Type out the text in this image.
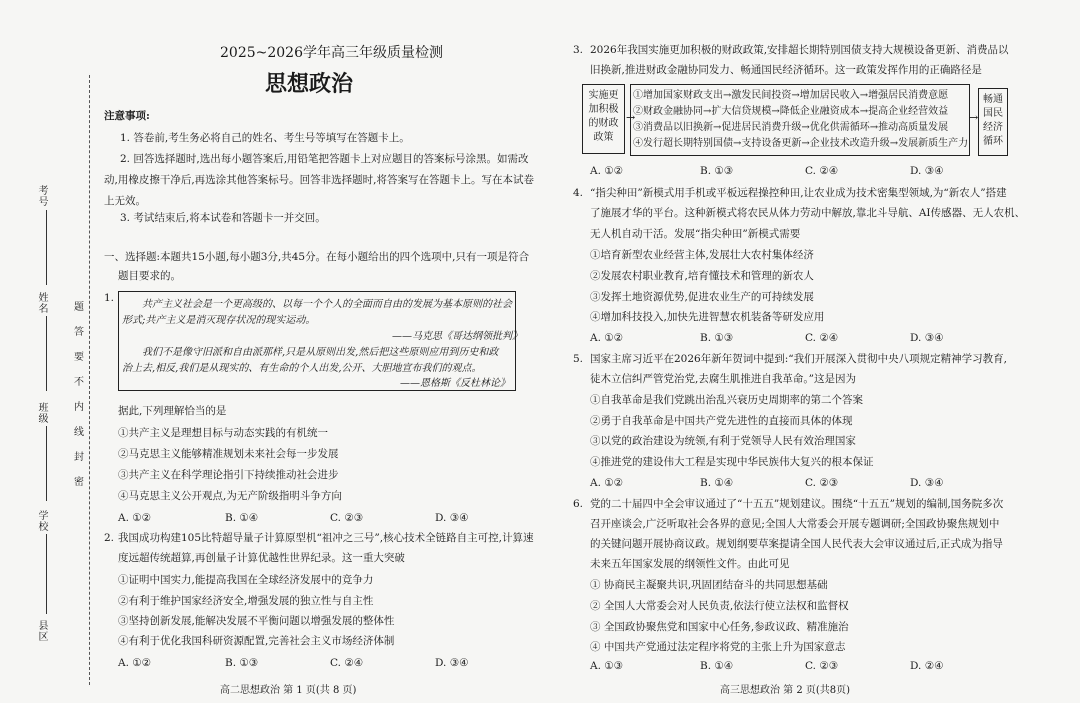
考号
姓名
班级
学校
县区
题
答
要
不
内
线
封
密
2025~2026学年高三年级质量检测
思想政治
注意事项:
1. 答卷前,考生务必将自己的姓名、考生号等填写在答题卡上。
2. 回答选择题时,选出每小题答案后,用铅笔把答题卡上对应题目的答案标号涂黑。如需改
动,用橡皮擦干净后,再选涂其他答案标号。回答非选择题时,将答案写在答题卡上。写在本试卷
上无效。
3. 考试结束后,将本试卷和答题卡一并交回。
一、选择题:本题共15小题,每小题3分,共45分。在每小题给出的四个选项中,只有一项是符合
题目要求的。
1.
共产主义社会是一个更高级的、以每一个个人的全面而自由的发展为基本原则的社会
形式;共产主义是消灭现存状况的现实运动。
——马克思《哥达纲领批判》
我们不是像守旧派和自由派那样,只是从原则出发,然后把这些原则应用到历史和政
治上去,相反,我们是从现实的、有生命的个人出发,公开、大胆地宣布我们的观点。
——恩格斯《反杜林论》
据此,下列理解恰当的是
①共产主义是理想目标与动态实践的有机统一
②马克思主义能够精准规划未来社会每一步发展
③共产主义在科学理论指引下持续推动社会进步
④马克思主义公开观点,为无产阶级指明斗争方向
A. ①②	B. ①④	C. ②③	D. ③④
2. 我国成功构建105比特超导量子计算原型机“祖冲之三号”,核心技术全链路自主可控,计算速
度远超传统超算,再创量子计算优越性世界纪录。这一重大突破
①证明中国实力,能提高我国在全球经济发展中的竞争力
②有利于维护国家经济安全,增强发展的独立性与自主性
③坚持创新发展,能解决发展不平衡问题以增强发展的整体性
④有利于优化我国科研资源配置,完善社会主义市场经济体制
A. ①②	B. ①③	C. ②④	D. ③④
高二思想政治 第 1 页(共 8 页)
3. 2026年我国实施更加积极的财政政策,安排超长期特别国债支持大规模设备更新、消费品以
旧换新,推进财政金融协同发力、畅通国民经济循环。这一政策发挥作用的正确路径是
实施更
加积极
的财政
政策
→
①增加国家财政支出→激发民间投资→增加居民收入→增强居民消费意愿
②财政金融协同→扩大信贷规模→降低企业融资成本→提高企业经营效益
③消费品以旧换新→促进居民消费升级→优化供需循环→推动高质量发展
④发行超长期特别国债→支持设备更新→企业技术改造升级→发展新质生产力
→
畅通
国民
经济
循环
A. ①②	B. ①③	C. ②④	D. ③④
4. “指尖种田”新模式用手机或平板远程操控种田,让农业成为技术密集型领域,为“新农人”搭建
了施展才华的平台。这种新模式将农民从体力劳动中解放,靠北斗导航、AI传感器、无人农机、
无人机自动干活。发展“指尖种田”新模式需要
①培育新型农业经营主体,发展壮大农村集体经济
②发展农村职业教育,培育懂技术和管理的新农人
③发挥土地资源优势,促进农业生产的可持续发展
④增加科技投入,加快先进智慧农机装备等研发应用
A. ①②	B. ①③	C. ②④	D. ③④
5. 国家主席习近平在2026年新年贺词中提到:“我们开展深入贯彻中央八项规定精神学习教育,
徒木立信纠严管党治党,去腐生肌推进自我革命。”这是因为
①自我革命是我们党跳出治乱兴衰历史周期率的第二个答案
②勇于自我革命是中国共产党先进性的直接而具体的体现
③以党的政治建设为统领,有利于党领导人民有效治理国家
④推进党的建设伟大工程是实现中华民族伟大复兴的根本保证
A. ①②	B. ①④	C. ②③	D. ③④
6. 党的二十届四中全会审议通过了“十五五”规划建议。围绕“十五五”规划的编制,国务院多次
召开座谈会,广泛听取社会各界的意见;全国人大常委会开展专题调研;全国政协聚焦规划中
的关键问题开展协商议政。规划纲要草案提请全国人民代表大会审议通过后,正式成为指导
未来五年国家发展的纲领性文件。由此可见
① 协商民主凝聚共识,巩固团结奋斗的共同思想基础
② 全国人大常委会对人民负责,依法行使立法权和监督权
③ 全国政协聚焦党和国家中心任务,参政议政、精准施治
④ 中国共产党通过法定程序将党的主张上升为国家意志
A. ①③	B. ①④	C. ②③	D. ②④
高三思想政治 第 2 页(共8页)
